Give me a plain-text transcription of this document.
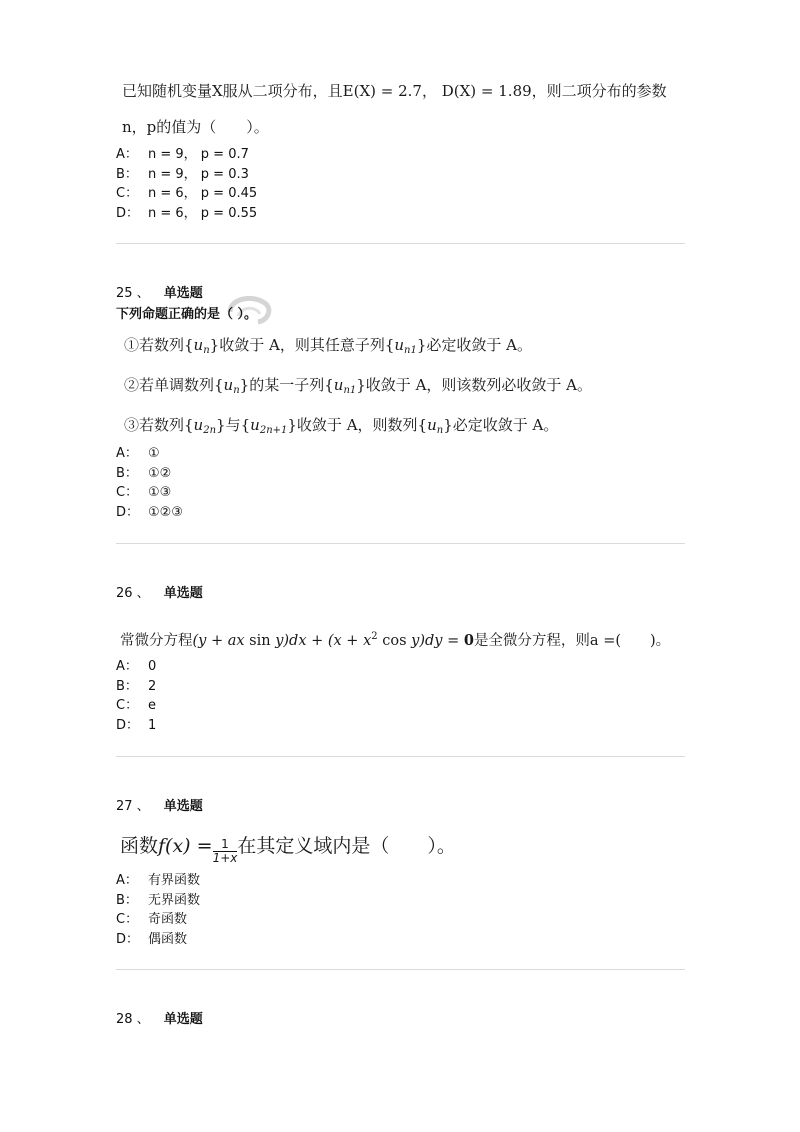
已知随机变量X服从二项分布，且E(X) = 2.7， D(X) = 1.89，则二项分布的参数
n，p的值为（　　）。
A： n = 9， p = 0.7
B： n = 9， p = 0.3
C： n = 6， p = 0.45
D： n = 6， p = 0.55
25 、 单选题
下列命题正确的是（ ）。
①若数列$\{u_n\}$收敛于 A，则其任意子列$\{u_{n1}\}$必定收敛于 A。
②若单调数列$\{u_n\}$的某一子列$\{u_{n1}\}$收敛于 A，则该数列必收敛于 A。
③若数列$\{u_{2n}\}$与$\{u_{2n+1}\}$收敛于 A，则数列$\{u_n\}$必定收敛于 A。
A： ①
B： ①②
C： ①③
D： ①②③
26 、 单选题
常微分方程(y + ax $\sin y)dx + (x + x^2$ cos y)dy = 0是全微分方程，则a =(　　)。
A： 0
B： 2
C： e
D： 1
27 、 单选题
函数$f(x) = \frac{1}{1+x}$ 在其定义域内是（　　）。
A： 有界函数
B： 无界函数
C： 奇函数
D： 偶函数
28 、 单选题
